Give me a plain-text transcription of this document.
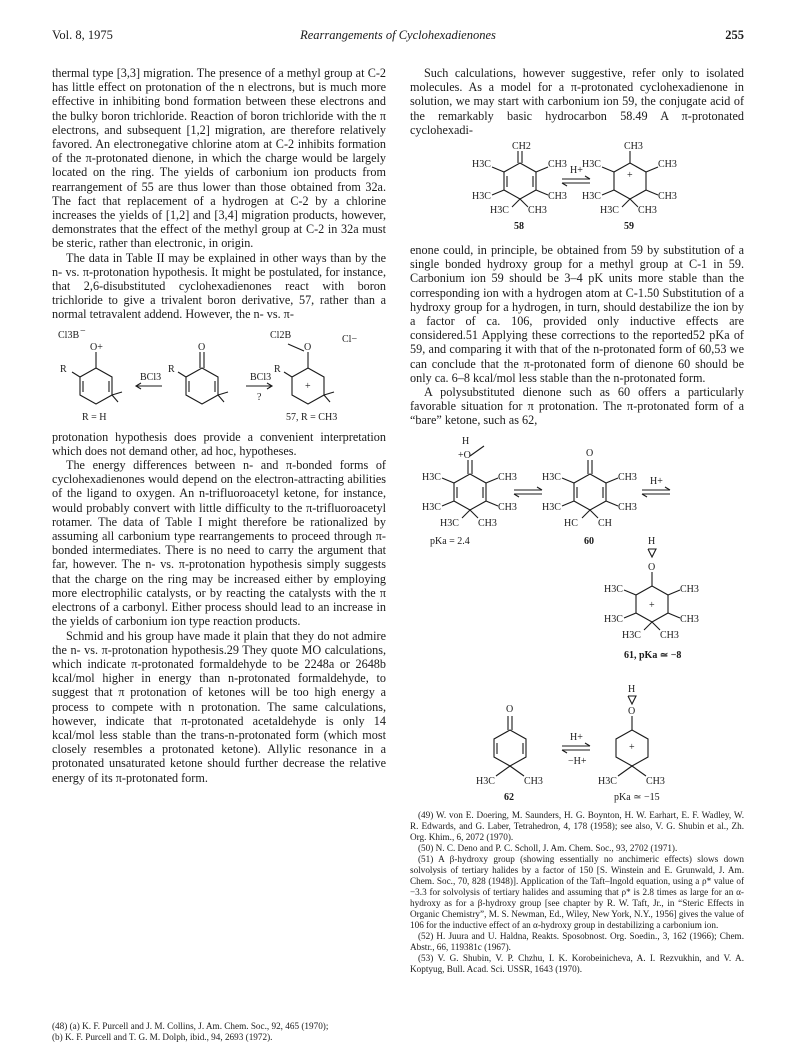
Vol. 8, 1975	Rearrangements of Cyclohexadienones	255

thermal type [3,3] migration. The presence of a methyl group at C-2 has little effect on protonation of the n electrons, but is much more effective in inhibiting bond formation between these electrons and the bulky boron trichloride. Reaction of boron trichloride with the π electrons, and subsequent [1,2] migration, are therefore relatively favored. An electronegative chlorine atom at C-2 inhibits formation of the π-protonated dienone, in which the charge would be largely located on the ring. The yields of carbonium ion products from rearrangement of 55 are thus lower than those obtained from 32a. The fact that replacement of a hydrogen at C-2 by a chlorine increases the yields of [1,2] and [3,4] migration products, however, demonstrates that the effect of the methyl group at C-2 in 32a must be steric, rather than electronic, in origin.

The data in Table II may be explained in other ways than by the n- vs. π-protonation hypothesis. It might be postulated, for instance, that 2,6-disubstituted cyclohexadienones react with boron trichloride to give a trivalent boron derivative, 57, rather than a normal tetravalent addend. However, the n- vs. π-

Cl3B −
O+
R
O
R
BCl3	BCl3
?
Cl2B
O
Cl−
R
+
R = H	57, R = CH3

protonation hypothesis does provide a convenient interpretation which does not demand other, ad hoc, hypotheses.

The energy differences between n- and π-bonded forms of cyclohexadienones would depend on the electron-attracting abilities of the ligand to oxygen. An n-trifluoroacetyl ketone, for instance, would probably convert with little difficulty to the π-trifluoroacetyl rotamer. The data of Table I might therefore be rationalized by assuming all carbonium type rearrangements to proceed through π-bonded intermediates. There is no need to carry the argument that far, however. The n- vs. π-protonation hypothesis simply suggests that the charge on the ring may be increased either by employing more electrophilic catalysts, or by reacting the catalysts with the π electrons of a carbonyl. Either process should lead to an increase in the yields of carbonium ion type reaction products.

Schmid and his group have made it plain that they do not admire the n- vs. π-protonation hypothesis.29 They quote MO calculations, which indicate π-protonated formaldehyde to be 2248a or 2648b kcal/mol higher in energy than n-protonated formaldehyde, to suggest that π protonation of ketones will be too high energy a process to compete with n protonation. The same calculations, however, indicate that π-protonated acetaldehyde is only 14 kcal/mol less stable than the trans-n-protonated form (which most closely resembles a protonated ketone). Allylic resonance in a protonated unsaturated ketone should further decrease the relative energy of its π-protonated form.

(48) (a) K. F. Purcell and J. M. Collins, J. Am. Chem. Soc., 92, 465 (1970);

(b) K. F. Purcell and T. G. M. Dolph, ibid., 94, 2693 (1972).

Such calculations, however suggestive, refer only to isolated molecules. As a model for a π-protonated cyclohexadienone in solution, we may start with carbonium ion 59, the conjugate acid of the remarkably basic hydrocarbon 58.49 A π-protonated cyclohexadi-

CH2	CH3
H3C	CH3
H3C	CH3
H3C CH3
H+
H3C	CH3
H3C	CH3
H3C CH3
+
58	59

enone could, in principle, be obtained from 59 by substitution of a single bonded hydroxy group for a methyl group at C-1 in 59. Carbonium ion 59 should be 3–4 pK units more stable than the corresponding ion with a hydrogen atom at C-1.50 Substitution of a hydroxy group for a hydrogen, in turn, should destabilize the ion by a factor of ca. 106, provided only inductive effects are considered.51 Applying these corrections to the reported52 pKa of 59, and comparing it with that of the n-protonated form of 60,53 we can conclude that the π-protonated form of dienone 60 should be only ca. 6–8 kcal/mol less stable than the n-protonated form.

A polysubstituted dienone such as 60 offers a particularly favorable situation for π protonation. The π-protonated form of a “bare” ketone, such as 62,

H
+O	O
H3C	CH3
H3C	CH3
H3C CH3
pKa = 2.4
H3C	CH3
H3C	CH3
HC CH
60
H+
H
O
H3C	CH3
H3C	CH3
H3C CH3
+
61, pKa ≃ −8
O
H3C	CH3
H+
−H+
H
O
+
H3C	CH3
62	pKa ≃ −15

(49) W. von E. Doering, M. Saunders, H. G. Boynton, H. W. Earhart, E. F. Wadley, W. R. Edwards, and G. Laber, Tetrahedron, 4, 178 (1958); see also, V. G. Shubin et al., Zh. Org. Khim., 6, 2072 (1970).

(50) N. C. Deno and P. C. Scholl, J. Am. Chem. Soc., 93, 2702 (1971).

(51) A β-hydroxy group (showing essentially no anchimeric effects) slows down solvolysis of tertiary halides by a factor of 150 [S. Winstein and E. Grunwald, J. Am. Chem. Soc., 70, 828 (1948)]. Application of the Taft–Ingold equation, using a ρ* value of −3.3 for solvolysis of tertiary halides and assuming that ρ* is 2.8 times as large for an α-hydroxy as for a β-hydroxy group [see chapter by R. W. Taft, Jr., in “Steric Effects in Organic Chemistry”, M. S. Newman, Ed., Wiley, New York, N.Y., 1956] gives the value of 106 for the inductive effect of an α-hydroxy group in destabilizing a carbonium ion.

(52) H. Juura and U. Haldna, Reakts. Sposobnost. Org. Soedin., 3, 162 (1966); Chem. Abstr., 66, 119381c (1967).

(53) V. G. Shubin, V. P. Chzhu, I. K. Korobeinicheva, A. I. Rezvukhin, and V. A. Koptyug, Bull. Acad. Sci. USSR, 1643 (1970).
